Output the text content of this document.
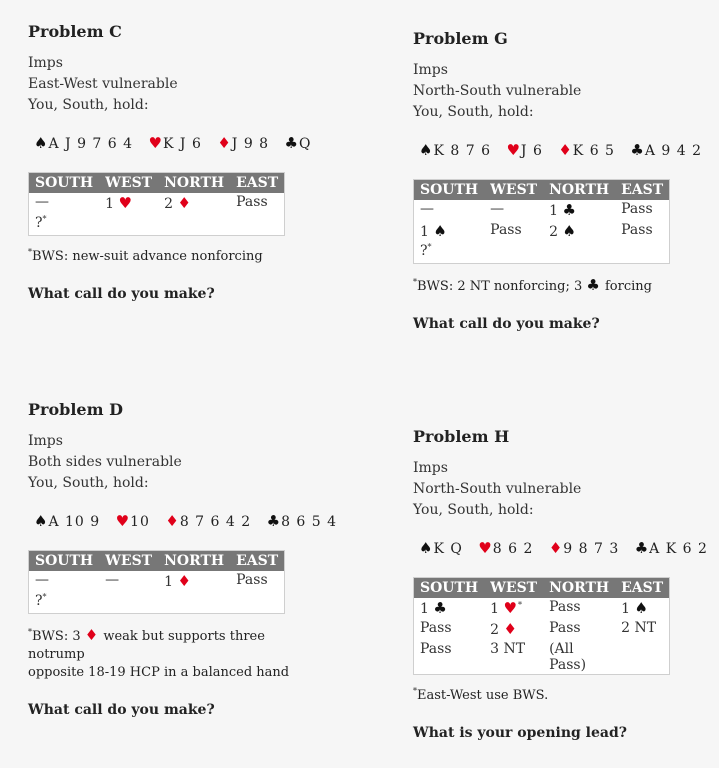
Problem C
Imps
East-West vulnerable
You, South, hold:
♠A J 9 7 6 4 ♥K J 6 ♦J 9 8 ♣Q
SOUTH	WEST	NORTH	EAST
—	1 ♥	2 ♦	Pass
?*			
*BWS: new-suit advance nonforcing
What call do you make?
Problem D
Imps
Both sides vulnerable
You, South, hold:
♠A 10 9 ♥10 ♦8 7 6 4 2 ♣8 6 5 4
SOUTH	WEST	NORTH	EAST
—	—	1 ♦	Pass
?*			
*BWS: 3 ♦ weak but supports three notrump
opposite 18-19 HCP in a balanced hand
What call do you make?
Problem G
Imps
North-South vulnerable
You, South, hold:
♠K 8 7 6 ♥J 6 ♦K 6 5 ♣A 9 4 2
SOUTH	WEST	NORTH	EAST
—	—	1 ♣	Pass
1 ♠	Pass	2 ♠	Pass
?*			
*BWS: 2 NT nonforcing; 3 ♣ forcing
What call do you make?
Problem H
Imps
North-South vulnerable
You, South, hold:
♠K Q ♥8 6 2 ♦9 8 7 3 ♣A K 6 2
SOUTH	WEST	NORTH	EAST
1 ♣	1 ♥*	Pass	1 ♠
Pass	2 ♦	Pass	2 NT
Pass	3 NT	(All Pass)	
*East-West use BWS.
What is your opening lead?
